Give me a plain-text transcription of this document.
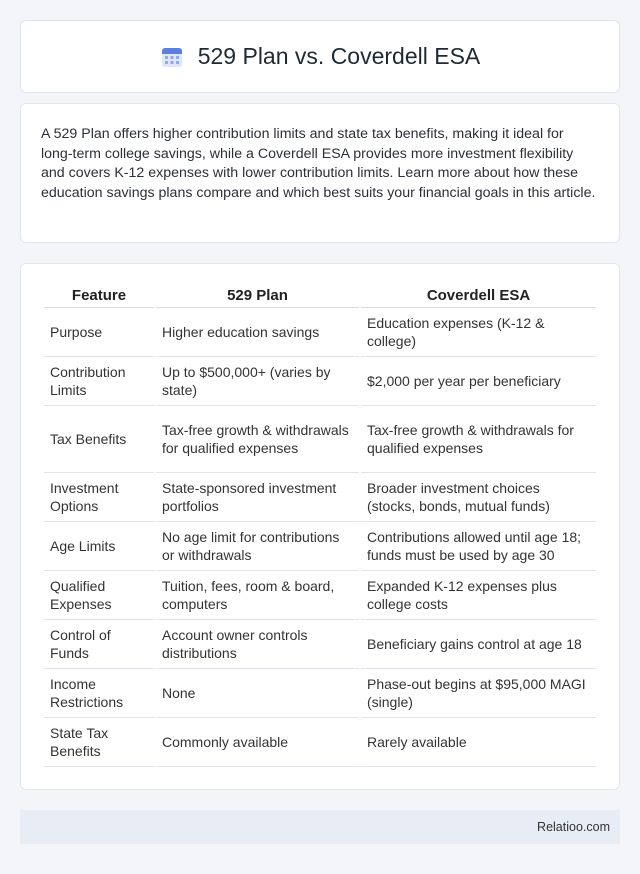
529 Plan vs. Coverdell ESA

A 529 Plan offers higher contribution limits and state tax benefits, making it ideal for long-term college savings, while a Coverdell ESA provides more investment flexibility and covers K-12 expenses with lower contribution limits. Learn more about how these education savings plans compare and which best suits your financial goals in this article.

Feature	529 Plan	Coverdell ESA
Purpose	Higher education savings	Education expenses (K-12 & college)
Contribution Limits	Up to $500,000+ (varies by state)	$2,000 per year per beneficiary
Tax Benefits	Tax-free growth & withdrawals for qualified expenses	Tax-free growth & withdrawals for qualified expenses
Investment Options	State-sponsored investment portfolios	Broader investment choices (stocks, bonds, mutual funds)
Age Limits	No age limit for contributions or withdrawals	Contributions allowed until age 18; funds must be used by age 30
Qualified Expenses	Tuition, fees, room & board, computers	Expanded K-12 expenses plus college costs
Control of Funds	Account owner controls distributions	Beneficiary gains control at age 18
Income Restrictions	None	Phase-out begins at $95,000 MAGI (single)
State Tax Benefits	Commonly available	Rarely available
Relatioo.com
